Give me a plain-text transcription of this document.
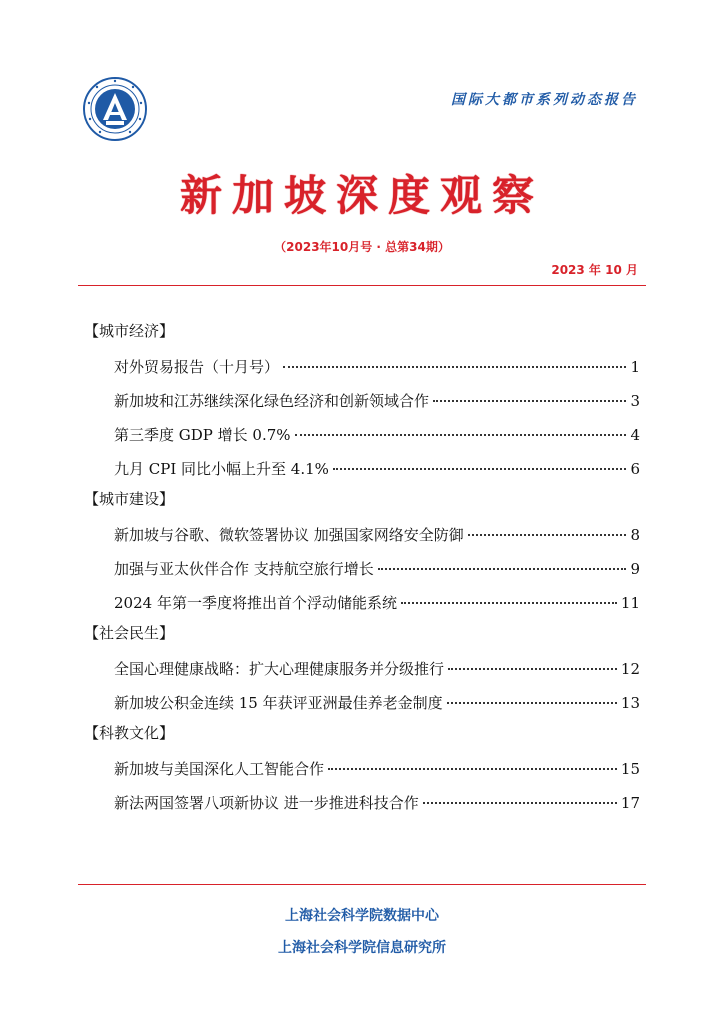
国际大都市系列动态报告
新加坡深度观察
（2023年10月号 · 总第34期）
2023 年 10 月
【城市经济】
对外贸易报告（十月号）	1
新加坡和江苏继续深化绿色经济和创新领域合作	3
第三季度 GDP 增长 0.7%	4
九月 CPI 同比小幅上升至 4.1%	6
【城市建设】
新加坡与谷歌、微软签署协议 加强国家网络安全防御	8
加强与亚太伙伴合作 支持航空旅行增长	9
2024 年第一季度将推出首个浮动储能系统	11
【社会民生】
全国心理健康战略：扩大心理健康服务并分级推行	12
新加坡公积金连续 15 年获评亚洲最佳养老金制度	13
【科教文化】
新加坡与美国深化人工智能合作	15
新法两国签署八项新协议 进一步推进科技合作	17
上海社会科学院数据中心
上海社会科学院信息研究所
